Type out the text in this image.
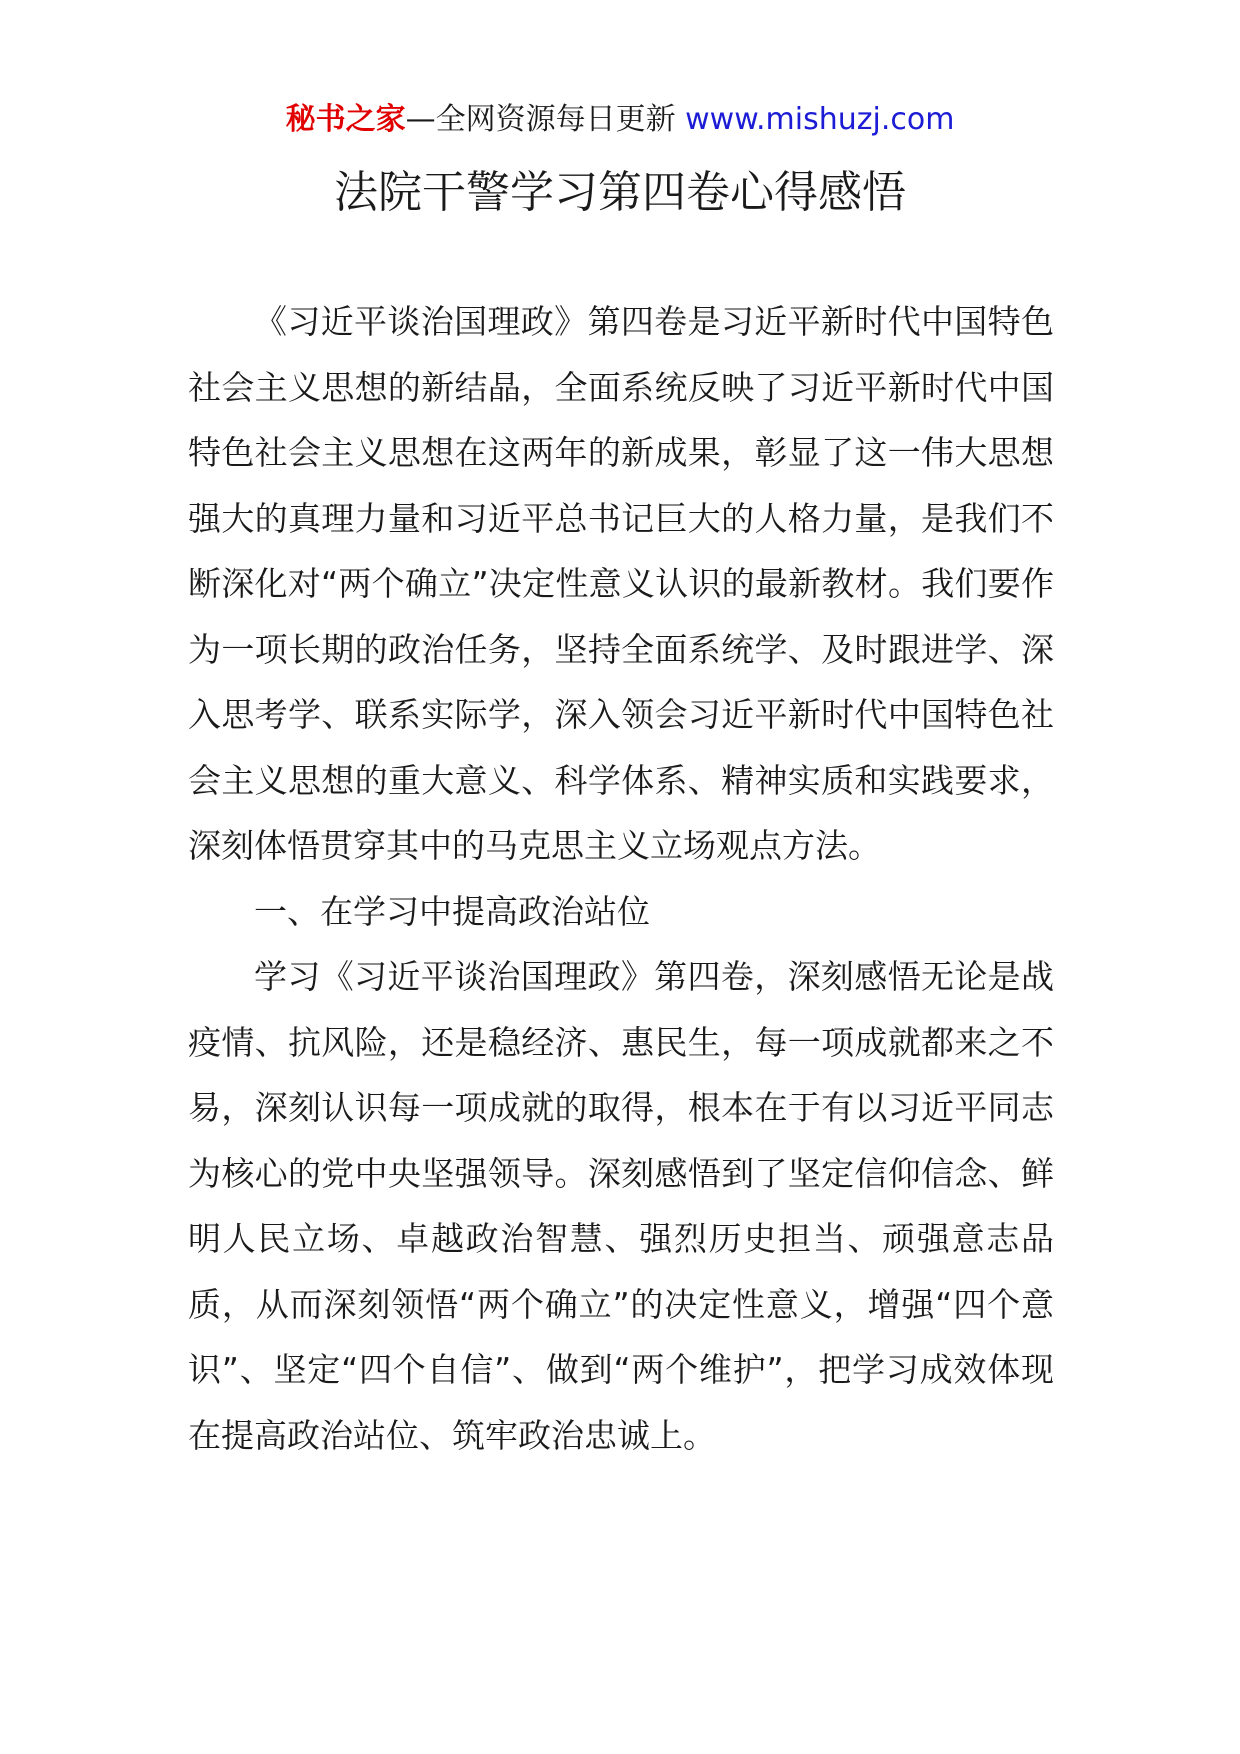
秘书之家—全网资源每日更新 www.mishuzj.com
法院干警学习第四卷心得感悟

《习近平谈治国理政》第四卷是习近平新时代中国特色社会主义思想的新结晶，全面系统反映了习近平新时代中国特色社会主义思想在这两年的新成果，彰显了这一伟大思想强大的真理力量和习近平总书记巨大的人格力量，是我们不断深化对“两个确立”决定性意义认识的最新教材。我们要作为一项长期的政治任务，坚持全面系统学、及时跟进学、深入思考学、联系实际学，深入领会习近平新时代中国特色社会主义思想的重大意义、科学体系、精神实质和实践要求，深刻体悟贯穿其中的马克思主义立场观点方法。

一、在学习中提高政治站位

学习《习近平谈治国理政》第四卷，深刻感悟无论是战疫情、抗风险，还是稳经济、惠民生，每一项成就都来之不易，深刻认识每一项成就的取得，根本在于有以习近平同志为核心的党中央坚强领导。深刻感悟到了坚定信仰信念、鲜明人民立场、卓越政治智慧、强烈历史担当、顽强意志品质，从而深刻领悟“两个确立”的决定性意义，增强“四个意识”、坚定“四个自信”、做到“两个维护”，把学习成效体现在提高政治站位、筑牢政治忠诚上。
